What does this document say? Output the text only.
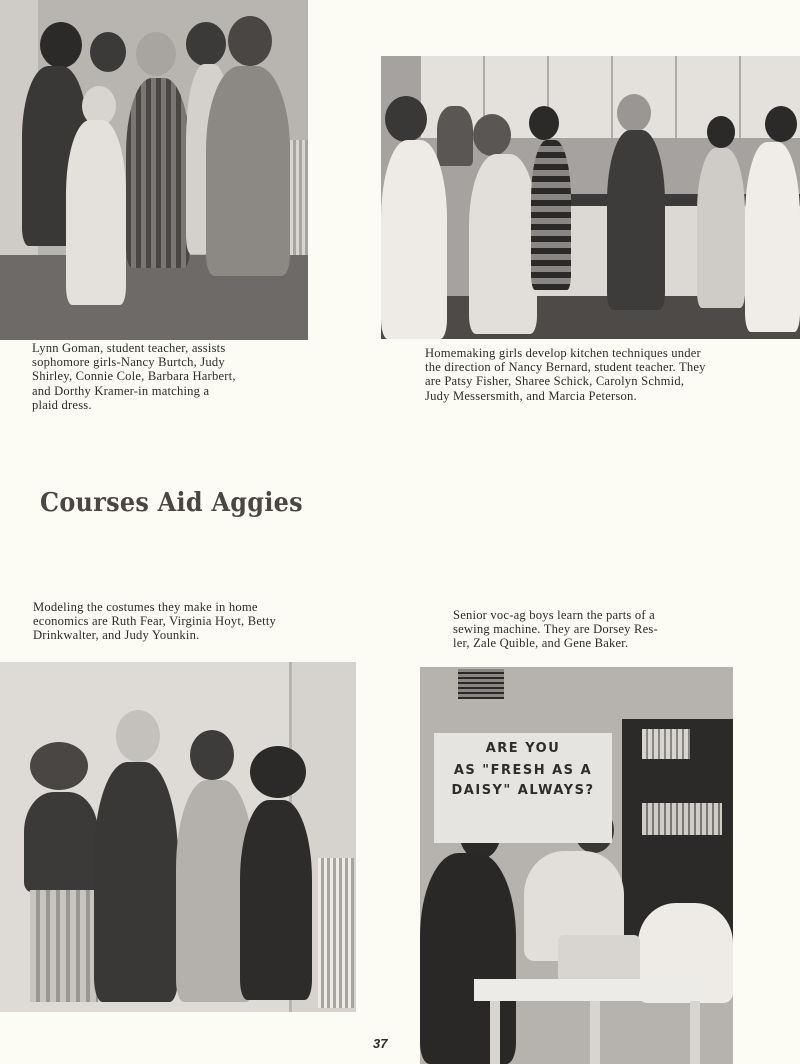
Lynn Goman, student teacher, assists
sophomore girls-Nancy Burtch, Judy
Shirley, Connie Cole, Barbara Harbert,
and Dorthy Kramer-in matching a
plaid dress.
Homemaking girls develop kitchen techniques under
the direction of Nancy Bernard, student teacher. They
are Patsy Fisher, Sharee Schick, Carolyn Schmid,
Judy Messersmith, and Marcia Peterson.
Courses Aid Aggies
Modeling the costumes they make in home
economics are Ruth Fear, Virginia Hoyt, Betty
Drinkwalter, and Judy Younkin.
Senior voc-ag boys learn the parts of a
sewing machine. They are Dorsey Res-
ler, Zale Quible, and Gene Baker.
ARE YOU
AS "FRESH AS A
DAISY" ALWAYS?
37
